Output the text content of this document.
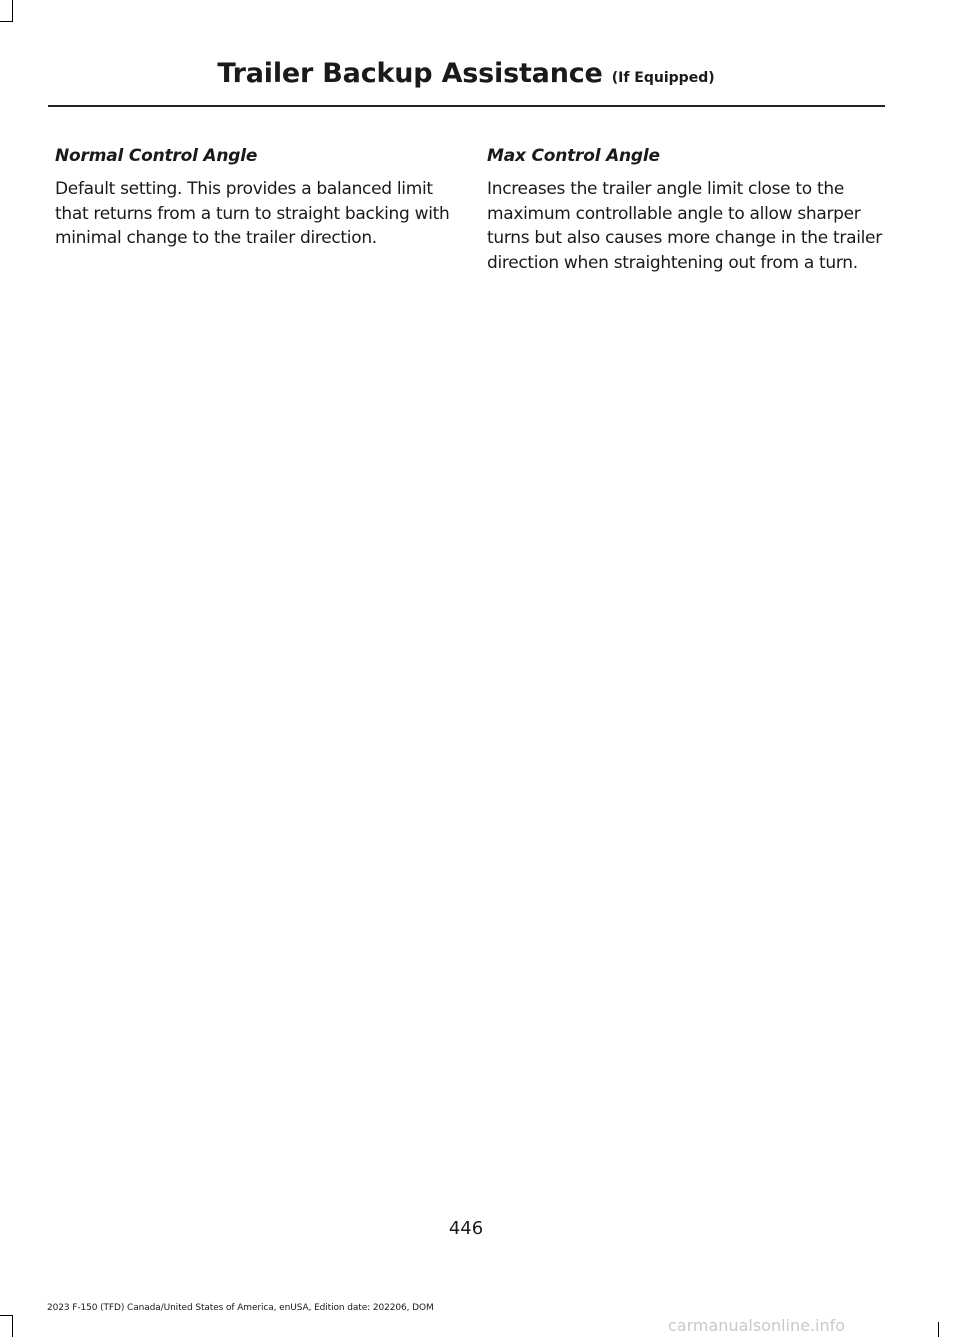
Trailer Backup Assistance (If Equipped)
Normal Control Angle

Default setting. This provides a balanced limit that returns from a turn to straight backing with minimal change to the trailer direction.

Max Control Angle

Increases the trailer angle limit close to the maximum controllable angle to allow sharper turns but also causes more change in the trailer direction when straightening out from a turn.

446
2023 F-150 (TFD) Canada/United States of America, enUSA, Edition date: 202206, DOM
carmanualsonline.info
